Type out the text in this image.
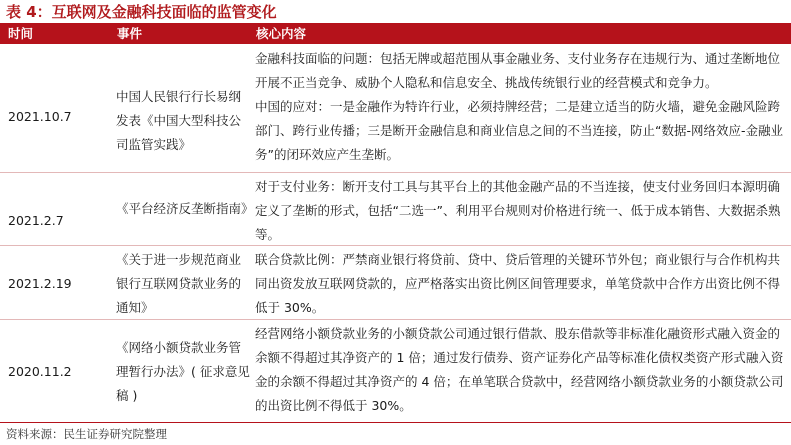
表 4：互联网及金融科技面临的监管变化
时间	事件	核心内容
2021.10.7
中国人民银行行长易纲发表《中国大型科技公司监管实践》

金融科技面临的问题：包括无牌或超范围从事金融业务、支付业务存在违规行为、通过垄断地位开展不正当竞争、威胁个人隐私和信息安全、挑战传统银行业的经营模式和竞争力。

中国的应对：一是金融作为特许行业，必须持牌经营；二是建立适当的防火墙，避免金融风险跨部门、跨行业传播；三是断开金融信息和商业信息之间的不当连接，防止“数据-网络效应-金融业务”的闭环效应产生垄断。

2021.2.7
《平台经济反垄断指南》

对于支付业务：断开支付工具与其平台上的其他金融产品的不当连接，使支付业务回归本源明确定义了垄断的形式，包括“二选一”、利用平台规则对价格进行统一、低于成本销售、大数据杀熟等。

2021.2.19
《关于进一步规范商业银行互联网贷款业务的通知》

联合贷款比例：严禁商业银行将贷前、贷中、贷后管理的关键环节外包；商业银行与合作机构共同出资发放互联网贷款的，应严格落实出资比例区间管理要求，单笔贷款中合作方出资比例不得低于 30%。

2020.11.2
《网络小额贷款业务管理暂行办法》( 征求意见稿 )

经营网络小额贷款业务的小额贷款公司通过银行借款、股东借款等非标准化融资形式融入资金的余额不得超过其净资产的 1 倍；通过发行债券、资产证券化产品等标准化债权类资产形式融入资金的余额不得超过其净资产的 4 倍；在单笔联合贷款中，经营网络小额贷款业务的小额贷款公司的出资比例不得低于 30%。

资料来源：民生证券研究院整理
